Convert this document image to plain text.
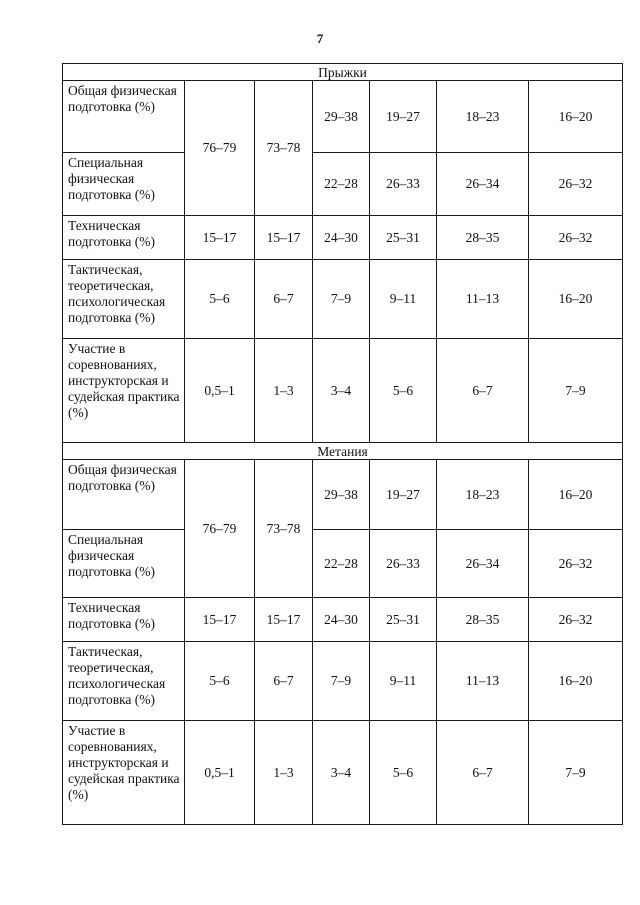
7
Прыжки						
Общая физическая подготовка (%)	76–79	73–78	29–38	19–27	18–23	16–20
Специальная физическая подготовка (%)			22–28	26–33	26–34	26–32
Техническая подготовка (%)	15–17	15–17	24–30	25–31	28–35	26–32
Тактическая, теоретическая, психологическая подготовка (%)	5–6	6–7	7–9	9–11	11–13	16–20
Участие в соревнованиях, инструкторская и судейская практика (%)	0,5–1	1–3	3–4	5–6	6–7	7–9
Метания						
Общая физическая подготовка (%)	76–79	73–78	29–38	19–27	18–23	16–20
Специальная физическая подготовка (%)			22–28	26–33	26–34	26–32
Техническая подготовка (%)	15–17	15–17	24–30	25–31	28–35	26–32
Тактическая, теоретическая, психологическая подготовка (%)	5–6	6–7	7–9	9–11	11–13	16–20
Участие в соревнованиях, инструкторская и судейская практика (%)	0,5–1	1–3	3–4	5–6	6–7	7–9
